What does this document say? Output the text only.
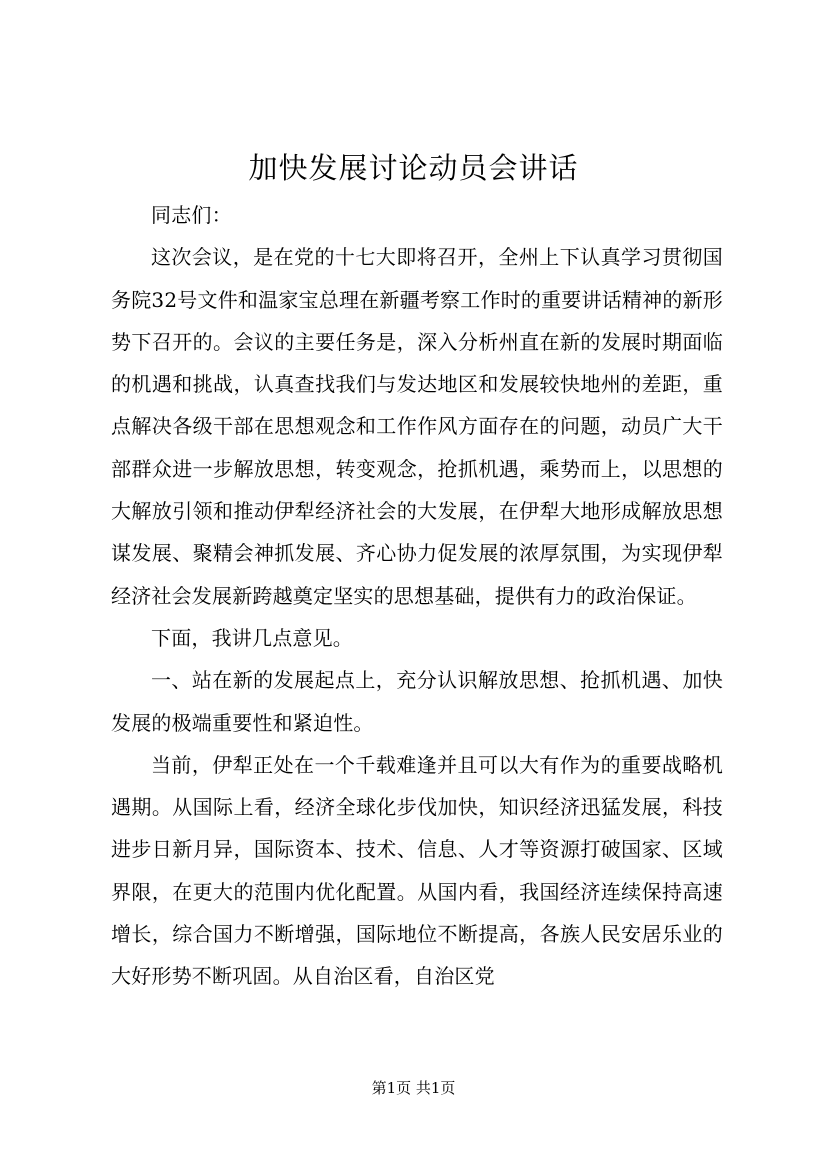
加快发展讨论动员会讲话

同志们：

这次会议，是在党的十七大即将召开，全州上下认真学习贯彻国务院32号文件和温家宝总理在新疆考察工作时的重要讲话精神的新形势下召开的。会议的主要任务是，深入分析州直在新的发展时期面临的机遇和挑战，认真查找我们与发达地区和发展较快地州的差距，重点解决各级干部在思想观念和工作作风方面存在的问题，动员广大干部群众进一步解放思想，转变观念，抢抓机遇，乘势而上，以思想的大解放引领和推动伊犁经济社会的大发展，在伊犁大地形成解放思想谋发展、聚精会神抓发展、齐心协力促发展的浓厚氛围，为实现伊犁经济社会发展新跨越奠定坚实的思想基础，提供有力的政治保证。

下面，我讲几点意见。

一、站在新的发展起点上，充分认识解放思想、抢抓机遇、加快发展的极端重要性和紧迫性。

当前，伊犁正处在一个千载难逢并且可以大有作为的重要战略机遇期。从国际上看，经济全球化步伐加快，知识经济迅猛发展，科技进步日新月异，国际资本、技术、信息、人才等资源打破国家、区域界限，在更大的范围内优化配置。从国内看，我国经济连续保持高速增长，综合国力不断增强，国际地位不断提高，各族人民安居乐业的大好形势不断巩固。从自治区看，自治区党

第1页 共1页
